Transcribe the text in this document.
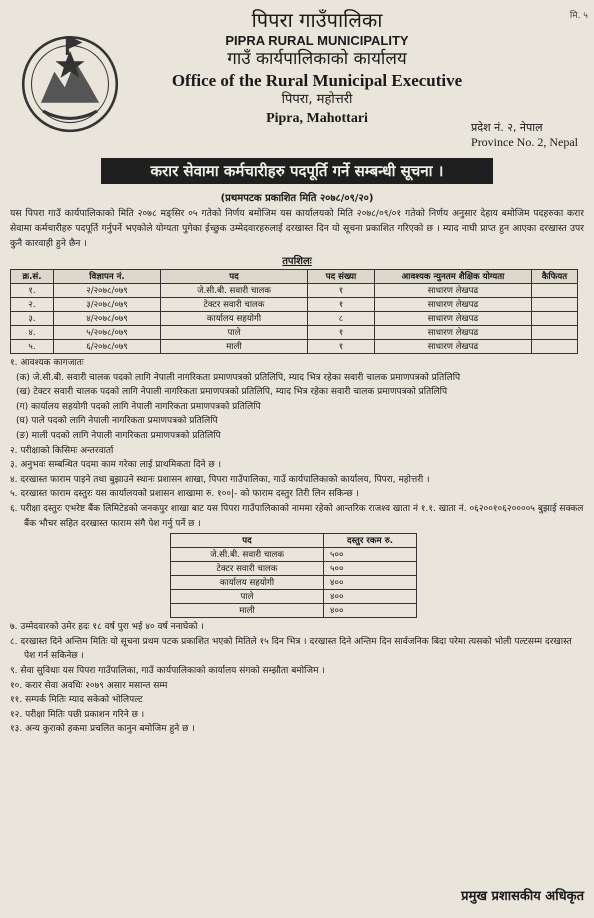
मि. ५
पिपरा गाउँपालिका
PIPRA RURAL MUNICIPALITY
गाउँ कार्यपालिकाको कार्यालय
Office of the Rural Municipal Executive
पिपरा, महोत्तरी
Pipra, Mahottari
प्रदेश नं. २, नेपाल
Province No. 2, Nepal
करार सेवामा कर्मचारीहरु पदपूर्ति गर्ने सम्बन्धी सूचना ।
(प्रथमपटक प्रकाशित मिति २०७८/०९/२०)
यस पिपरा गाउँ कार्यपालिकाको मिति २०७८ मङ्सिर ०५ गतेको निर्णय बमोजिम यस कार्यालयको मिति २०७८/०९/०१ गतेको निर्णय अनुसार देहाय बमोजिम पदहरुका करार सेवामा कर्मचारीहरु पदपूर्ति गर्नुपर्ने भएकोले योग्यता पुगेका ईच्छुक उम्मेदवारहरुलाई दरखास्त दिन यो सूचना प्रकाशित गरिएको छ । म्याद नाघी प्राप्त हुन आएका दरखास्त उपर कुनै कारवाही हुने छैन ।
तपशिलः
क्र.सं.	विज्ञापन नं.	पद	पद संख्या	आवश्यक न्युनतम शैक्षिक योग्यता	कैफियत
१.	२/२०७८/०७९	जे.सी.बी. सवारी चालक	१	साधारण लेखपढ	
२.	३/२०७८/०७९	टेक्टर सवारी चालक	१	साधारण लेखपढ	
३.	४/२०७८/०७९	कार्यालय सहयोगी	८	साधारण लेखपढ	
४.	५/२०७८/०७९	पाले	१	साधारण लेखपढ	
५.	६/२०७८/०७९	माली	१	साधारण लेखपढ	
१. आवश्यक कागजातः
(क) जे.सी.बी. सवारी चालक पदको लागि नेपाली नागरिकता प्रमाणपत्रको प्रतिलिपि, म्याद भित्र रहेका सवारी चालक प्रमाणपत्रको प्रतिलिपि
(ख) टेक्टर सवारी चालक पदको लागि नेपाली नागरिकता प्रमाणपत्रको प्रतिलिपि, म्याद भित्र रहेका सवारी चालक प्रमाणपत्रको प्रतिलिपि
(ग) कार्यालय सहयोगी पदको लागि नेपाली नागरिकता प्रमाणपत्रको प्रतिलिपि
(घ) पाले पदको लागि नेपाली नागरिकता प्रमाणपत्रको प्रतिलिपि
(ङ) माली पदको लागि नेपाली नागरिकता प्रमाणपत्रको प्रतिलिपि
२. परीक्षाको किसिमः अन्तरवार्ता
३. अनुभवः सम्बन्धित पदमा काम गरेका लाई प्राथमिकता दिने छ ।
४. दरखास्त फाराम पाइने तथा बुझाउने स्थानः प्रशासन शाखा, पिपरा गाउँपालिका, गाउँ कार्यपालिकाको कार्यालय, पिपरा, महोत्तरी ।
५. दरखास्त फाराम दस्तुरः यस कार्यालयको प्रशासन शाखामा रु. १००|- को फाराम दस्तुर तिरी लिन सकिन्छ ।
६. परीक्षा दस्तुरः एभरेष्ट बैंक लिमिटेडको जनकपुर शाखा बाट यस पिपरा गाउँपालिकाको नाममा रहेको आन्तरिक राजश्व खाता नं १.१. खाता नं. ०६२००१०६२००००५ बुझाई सक्कल बैंक भौचर सहित दरखास्त फाराम संगै पेश गर्नु पर्ने छ ।
पद	दस्तुर रकम रु.
जे.सी.बी. सवारी चालक	५००
टेक्टर सवारी चालक	५००
कार्यालय सहयोगी	४००
पाले	४००
माली	४००
७. उम्मेदवारको उमेर हदः १८ वर्ष पुरा भई ४० वर्ष ननाघेको ।
८. दरखास्त दिने अन्तिम मितिः यो सूचना प्रथम पटक प्रकाशित भएको मितिले १५ दिन भित्र । दरखास्त दिने अन्तिम दिन सार्वजनिक बिदा परेमा त्यसको भोली पल्टसम्म दरखास्त पेश गर्न सकिनेछ ।
९. सेवा सुविधाः यस पिपरा गाउँपालिका, गाउँ कार्यपालिकाको कार्यालय संगको सम्झौता बमोजिम ।
१०. करार सेवा अवधिः २०७९ असार मसान्त सम्म
११. सम्पर्क मितिः म्याद सकेको भोलिपल्ट
१२. परीक्षा मितिः पछी प्रकाशन गरिने छ ।
१३. अन्य कुराको हकमा प्रचलित कानुन बमोजिम हुने छ ।
प्रमुख प्रशासकीय अधिकृत
